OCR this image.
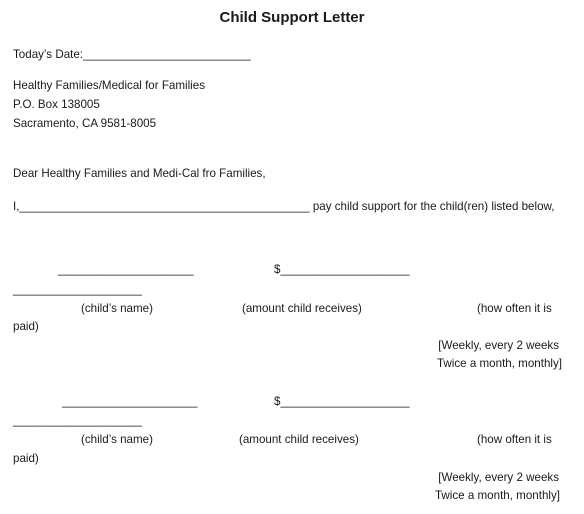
Child Support Letter
Today’s Date:__________________________
Healthy Families/Medical for Families
P.O. Box 138005
Sacramento, CA 9581-8005
Dear Healthy Families and Medi-Cal fro Families,
I,_____________________________________________ pay child support for the child(ren) listed below,
_____________________	$____________________
____________________
(child’s name)	(amount child receives)	(how often it is
paid)
[Weekly, every 2 weeks
Twice a month, monthly]
_____________________	$____________________
____________________
(child’s name)	(amount child receives)	(how often it is
paid)
[Weekly, every 2 weeks
Twice a month, monthly]
